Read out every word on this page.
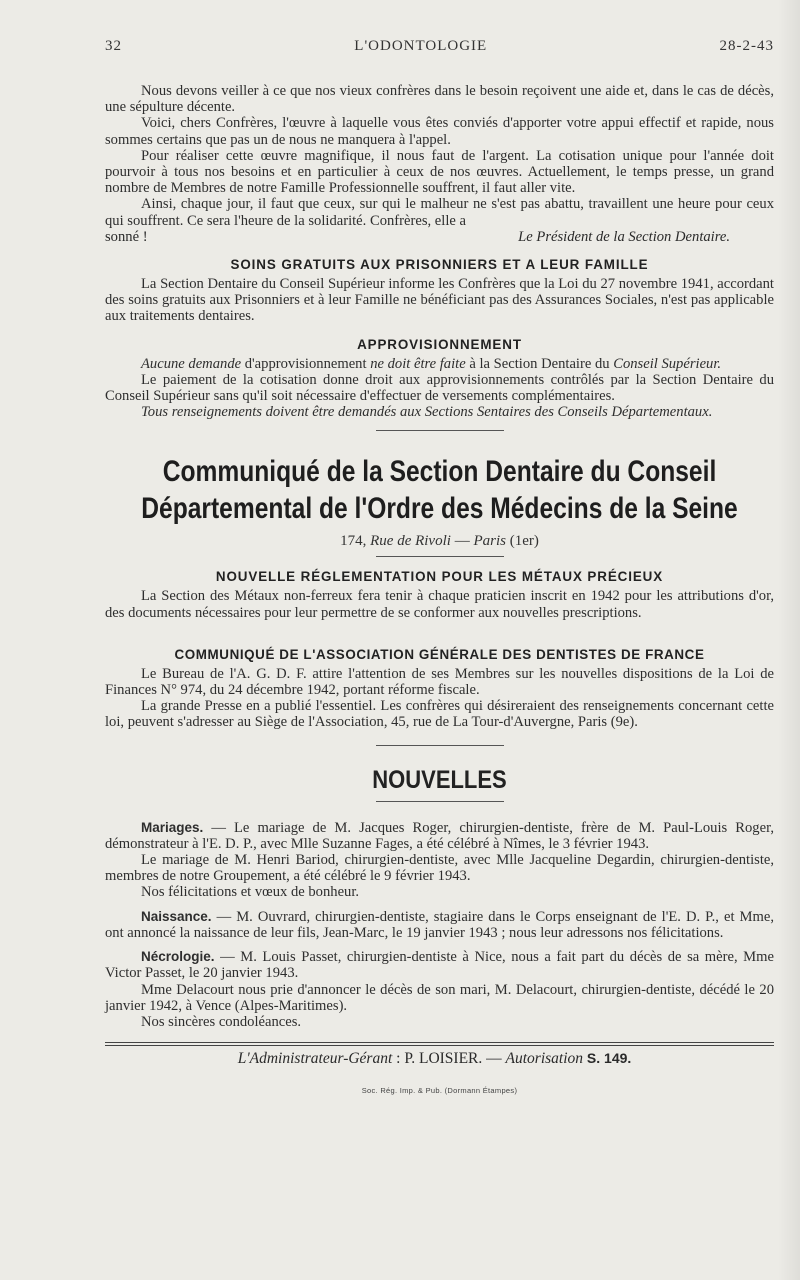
32	L'ODONTOLOGIE	28-2-43

Nous devons veiller à ce que nos vieux confrères dans le besoin reçoivent une aide et, dans le cas de décès, une sépulture décente.

Voici, chers Confrères, l'œuvre à laquelle vous êtes conviés d'apporter votre appui effectif et rapide, nous sommes certains que pas un de nous ne manquera à l'appel.

Pour réaliser cette œuvre magnifique, il nous faut de l'argent. La cotisation unique pour l'année doit pourvoir à tous nos besoins et en particulier à ceux de nos œuvres. Actuellement, le temps presse, un grand nombre de Membres de notre Famille Professionnelle souffrent, il faut aller vite.

Ainsi, chaque jour, il faut que ceux, sur qui le malheur ne s'est pas abattu, travaillent une heure pour ceux qui souffrent. Ce sera l'heure de la solidarité. Confrères, elle a

sonné !	Le Président de la Section Dentaire.
SOINS GRATUITS AUX PRISONNIERS ET A LEUR FAMILLE

La Section Dentaire du Conseil Supérieur informe les Confrères que la Loi du 27 novembre 1941, accordant des soins gratuits aux Prisonniers et à leur Famille ne bénéficiant pas des Assurances Sociales, n'est pas applicable aux traitements dentaires.

APPROVISIONNEMENT

Aucune demande d'approvisionnement ne doit être faite à la Section Dentaire du Conseil Supérieur.

Le paiement de la cotisation donne droit aux approvisionnements contrôlés par la Section Dentaire du Conseil Supérieur sans qu'il soit nécessaire d'effectuer de versements complémentaires.

Tous renseignements doivent être demandés aux Sections Sentaires des Conseils Départementaux.

Communiqué de la Section Dentaire du Conseil
Départemental de l'Ordre des Médecins de la Seine
174, Rue de Rivoli — Paris (1er)
NOUVELLE RÉGLEMENTATION POUR LES MÉTAUX PRÉCIEUX

La Section des Métaux non-ferreux fera tenir à chaque praticien inscrit en 1942 pour les attributions d'or, des documents nécessaires pour leur permettre de se conformer aux nouvelles prescriptions.

COMMUNIQUÉ DE L'ASSOCIATION GÉNÉRALE DES DENTISTES DE FRANCE

Le Bureau de l'A. G. D. F. attire l'attention de ses Membres sur les nouvelles dispositions de la Loi de Finances N° 974, du 24 décembre 1942, portant réforme fiscale.

La grande Presse en a publié l'essentiel. Les confrères qui désireraient des renseignements concernant cette loi, peuvent s'adresser au Siège de l'Association, 45, rue de La Tour-d'Auvergne, Paris (9e).

NOUVELLES

Mariages. — Le mariage de M. Jacques Roger, chirurgien-dentiste, frère de M. Paul-Louis Roger, démonstrateur à l'E. D. P., avec Mlle Suzanne Fages, a été célébré à Nîmes, le 3 février 1943.

Le mariage de M. Henri Bariod, chirurgien-dentiste, avec Mlle Jacqueline Degardin, chirurgien-dentiste, membres de notre Groupement, a été célébré le 9 février 1943.

Nos félicitations et vœux de bonheur.

Naissance. — M. Ouvrard, chirurgien-dentiste, stagiaire dans le Corps enseignant de l'E. D. P., et Mme, ont annoncé la naissance de leur fils, Jean-Marc, le 19 janvier 1943 ; nous leur adressons nos félicitations.

Nécrologie. — M. Louis Passet, chirurgien-dentiste à Nice, nous a fait part du décès de sa mère, Mme Victor Passet, le 20 janvier 1943.

Mme Delacourt nous prie d'annoncer le décès de son mari, M. Delacourt, chirurgien-dentiste, décédé le 20 janvier 1942, à Vence (Alpes-Maritimes).

Nos sincères condoléances.

L'Administrateur-Gérant : P. LOISIER. — Autorisation S. 149.
Soc. Rég. Imp. & Pub. (Dormann Étampes)
